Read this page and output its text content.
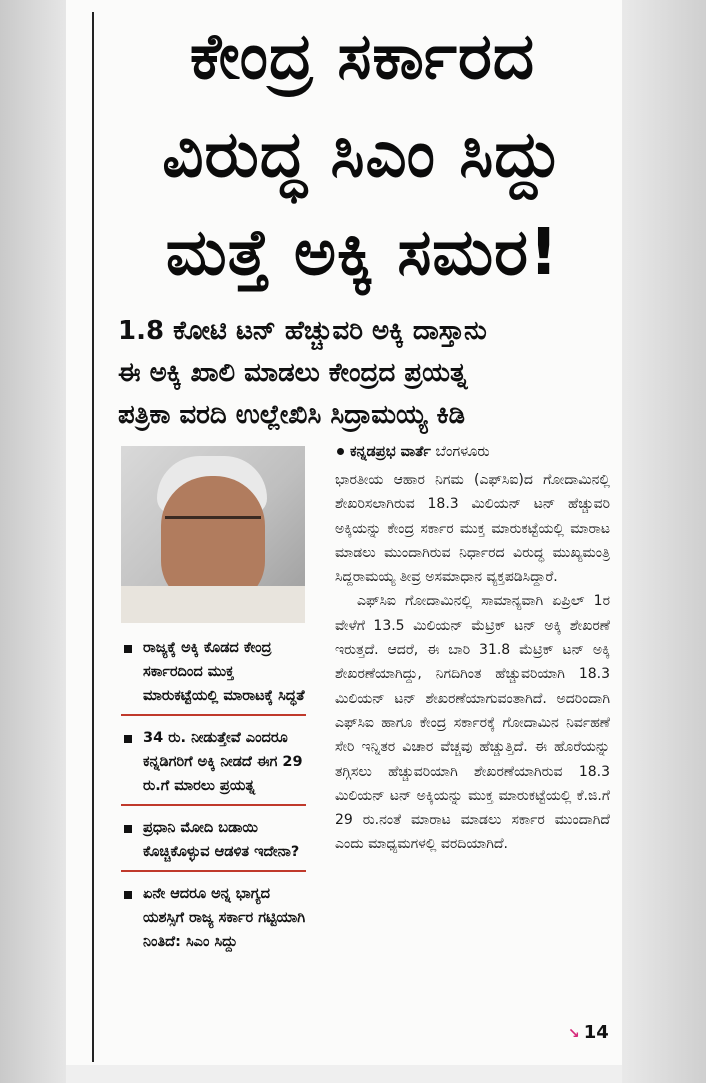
ಕೇಂದ್ರ ಸರ್ಕಾರದ
ವಿರುದ್ಧ ಸಿಎಂ ಸಿದ್ದು
ಮತ್ತೆ ಅಕ್ಕಿ ಸಮರ!
1.8 ಕೋಟಿ ಟನ್ ಹೆಚ್ಚುವರಿ ಅಕ್ಕಿ ದಾಸ್ತಾನು
ಈ ಅಕ್ಕಿ ಖಾಲಿ ಮಾಡಲು ಕೇಂದ್ರದ ಪ್ರಯತ್ನ
ಪತ್ರಿಕಾ ವರದಿ ಉಲ್ಲೇಖಿಸಿ ಸಿದ್ರಾಮಯ್ಯ ಕಿಡಿ
ರಾಜ್ಯಕ್ಕೆ ಅಕ್ಕಿ ಕೊಡದ ಕೇಂದ್ರ ಸರ್ಕಾರದಿಂದ ಮುಕ್ತ ಮಾರುಕಟ್ಟೆಯಲ್ಲಿ ಮಾರಾಟಕ್ಕೆ ಸಿದ್ಧತೆ
34 ರು. ನೀಡುತ್ತೇವೆ ಎಂದರೂ ಕನ್ನಡಿಗರಿಗೆ ಅಕ್ಕಿ ನೀಡದೆ ಈಗ 29 ರು.ಗೆ ಮಾರಲು ಪ್ರಯತ್ನ
ಪ್ರಧಾನಿ ಮೋದಿ ಬಡಾಯಿ ಕೊಚ್ಚಿಕೊಳ್ಳುವ ಆಡಳಿತ ಇದೇನಾ?
ಏನೇ ಆದರೂ ಅನ್ನ ಭಾಗ್ಯದ ಯಶಸ್ಸಿಗೆ ರಾಜ್ಯ ಸರ್ಕಾರ ಗಟ್ಟಿಯಾಗಿ ನಿಂತಿದೆ: ಸಿಎಂ ಸಿದ್ದು
ಕನ್ನಡಪ್ರಭ ವಾರ್ತೆ ಬೆಂಗಳೂರು

ಭಾರತೀಯ ಆಹಾರ ನಿಗಮ (ಎಫ್‌ಸಿಐ)ದ ಗೋದಾಮಿನಲ್ಲಿ ಶೇಖರಿಸಲಾಗಿರುವ 18.3 ಮಿಲಿಯನ್ ಟನ್ ಹೆಚ್ಚುವರಿ ಅಕ್ಕಿಯನ್ನು ಕೇಂದ್ರ ಸರ್ಕಾರ ಮುಕ್ತ ಮಾರುಕಟ್ಟೆಯಲ್ಲಿ ಮಾರಾಟ ಮಾಡಲು ಮುಂದಾಗಿರುವ ನಿರ್ಧಾರದ ವಿರುದ್ಧ ಮುಖ್ಯಮಂತ್ರಿ ಸಿದ್ದರಾಮಯ್ಯ ತೀವ್ರ ಅಸಮಾಧಾನ ವ್ಯಕ್ತಪಡಿಸಿದ್ದಾರೆ.

ಎಫ್‌ಸಿಐ ಗೋದಾಮಿನಲ್ಲಿ ಸಾಮಾನ್ಯವಾಗಿ ಏಪ್ರಿಲ್ 1ರ ವೇಳೆಗೆ 13.5 ಮಿಲಿಯನ್ ಮೆಟ್ರಿಕ್ ಟನ್ ಅಕ್ಕಿ ಶೇಖರಣೆ ಇರುತ್ತದೆ. ಆದರೆ, ಈ ಬಾರಿ 31.8 ಮೆಟ್ರಿಕ್ ಟನ್ ಅಕ್ಕಿ ಶೇಖರಣೆಯಾಗಿದ್ದು, ನಿಗದಿಗಿಂತ ಹೆಚ್ಚುವರಿಯಾಗಿ 18.3 ಮಿಲಿಯನ್ ಟನ್ ಶೇಖರಣೆಯಾಗುವಂತಾಗಿದೆ. ಅದರಿಂದಾಗಿ ಎಫ್‌ಸಿಐ ಹಾಗೂ ಕೇಂದ್ರ ಸರ್ಕಾರಕ್ಕೆ ಗೋದಾಮಿನ ನಿರ್ವಹಣೆ ಸೇರಿ ಇನ್ನಿತರ ವಿಚಾರ ವೆಚ್ಚವು ಹೆಚ್ಚುತ್ತಿದೆ. ಈ ಹೊರೆಯನ್ನು ತಗ್ಗಿಸಲು ಹೆಚ್ಚುವರಿಯಾಗಿ ಶೇಖರಣೆಯಾಗಿರುವ 18.3 ಮಿಲಿಯನ್ ಟನ್ ಅಕ್ಕಿಯನ್ನು ಮುಕ್ತ ಮಾರುಕಟ್ಟೆಯಲ್ಲಿ ಕೆ.ಜಿ.ಗೆ 29 ರು.ನಂತೆ ಮಾರಾಟ ಮಾಡಲು ಸರ್ಕಾರ ಮುಂದಾಗಿದೆ ಎಂದು ಮಾಧ್ಯಮಗಳಲ್ಲಿ ವರದಿಯಾಗಿದೆ.

↘ 14
